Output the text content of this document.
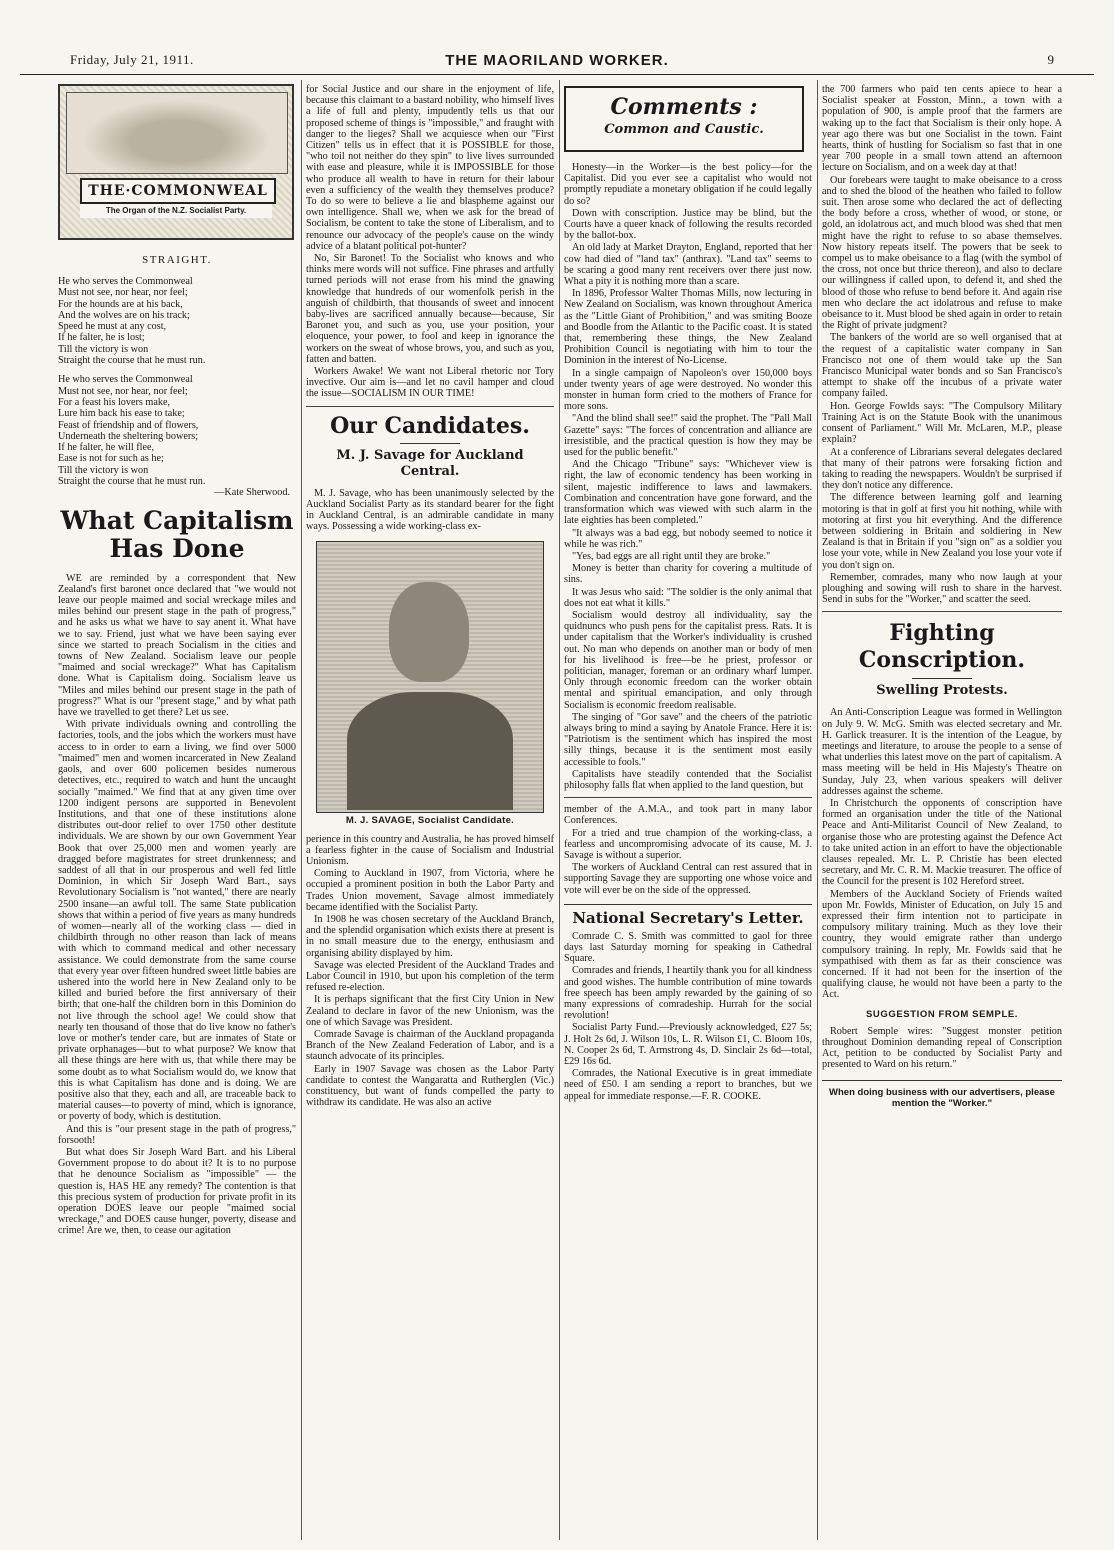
Friday, July 21, 1911.	THE MAORILAND WORKER.	9
THE·COMMONWEAL
The Organ of the N.Z. Socialist Party.
STRAIGHT.
He who serves the Commonweal
Must not see, nor hear, nor feel;
For the hounds are at his back,
And the wolves are on his track;
Speed he must at any cost,
If he falter, he is lost;
Till the victory is won
Straight the course that he must run.
He who serves the Commonweal
Must not see, nor hear, nor feel;
For a feast his lovers make,
Lure him back his ease to take;
Feast of friendship and of flowers,
Underneath the sheltering bowers;
If he falter, he will flee,
Ease is not for such as he;
Till the victory is won
Straight the course that he must run.
—Kate Sherwood.
What Capitalism Has Done

WE are reminded by a correspondent that New Zealand's first baronet once declared that "we would not leave our people maimed and social wreckage miles and miles behind our present stage in the path of progress," and he asks us what we have to say anent it. What have we to say. Friend, just what we have been saying ever since we started to preach Socialism in the cities and towns of New Zealand. Socialism leave our people "maimed and social wreckage?" What has Capitalism done. What is Capitalism doing. Socialism leave us "Miles and miles behind our present stage in the path of progress?" What is our "present stage," and by what path have we travelled to get there? Let us see.

With private individuals owning and controlling the factories, tools, and the jobs which the workers must have access to in order to earn a living, we find over 5000 "maimed" men and women incarcerated in New Zealand gaols, and over 600 policemen besides numerous detectives, etc., required to watch and hunt the uncaught socially "maimed." We find that at any given time over 1200 indigent persons are supported in Benevolent Institutions, and that one of these institutions alone distributes out-door relief to over 1750 other destitute individuals. We are shown by our own Government Year Book that over 25,000 men and women yearly are dragged before magistrates for street drunkenness; and saddest of all that in our prosperous and well fed little Dominion, in which Sir Joseph Ward Bart., says Revolutionary Socialism is "not wanted," there are nearly 2500 insane—an awful toll. The same State publication shows that within a period of five years as many hundreds of women—nearly all of the working class — died in childbirth through no other reason than lack of means with which to command medical and other necessary assistance. We could demonstrate from the same course that every year over fifteen hundred sweet little babies are ushered into the world here in New Zealand only to be killed and buried before the first anniversary of their birth; that one-half the children born in this Dominion do not live through the school age! We could show that nearly ten thousand of those that do live know no father's love or mother's tender care, but are inmates of State or private orphanages—but to what purpose? We know that all these things are here with us, that while there may be some doubt as to what Socialism would do, we know that this is what Capitalism has done and is doing. We are positive also that they, each and all, are traceable back to material causes—to poverty of mind, which is ignorance, or poverty of body, which is destitution.

And this is "our present stage in the path of progress," forsooth!

But what does Sir Joseph Ward Bart. and his Liberal Government propose to do about it? It is to no purpose that he denounce Socialism as "impossible" — the question is, HAS HE any remedy? The contention is that this precious system of production for private profit in its operation DOES leave our people "maimed social wreckage," and DOES cause hunger, poverty, disease and crime! Are we, then, to cease our agitation

for Social Justice and our share in the enjoyment of life, because this claimant to a bastard nobility, who himself lives a life of full and plenty, impudently tells us that our proposed scheme of things is "impossible," and fraught with danger to the lieges? Shall we acquiesce when our "First Citizen" tells us in effect that it is POSSIBLE for those, "who toil not neither do they spin" to live lives surrounded with ease and pleasure, while it is IMPOSSIBLE for those who produce all wealth to have in return for their labour even a sufficiency of the wealth they themselves produce? To do so were to believe a lie and blaspheme against our own intelligence. Shall we, when we ask for the bread of Socialism, be content to take the stone of Liberalism, and to renounce our advocacy of the people's cause on the windy advice of a blatant political pot-hunter?

No, Sir Baronet! To the Socialist who knows and who thinks mere words will not suffice. Fine phrases and artfully turned periods will not erase from his mind the gnawing knowledge that hundreds of our womenfolk perish in the anguish of childbirth, that thousands of sweet and innocent baby-lives are sacrificed annually because—because, Sir Baronet you, and such as you, use your position, your eloquence, your power, to fool and keep in ignorance the workers on the sweat of whose brows, you, and such as you, fatten and batten.

Workers Awake! We want not Liberal rhetoric nor Tory invective. Our aim is—and let no cavil hamper and cloud the issue—SOCIALISM IN OUR TIME!

Our Candidates.
M. J. Savage for Auckland Central.

M. J. Savage, who has been unanimously selected by the Auckland Socialist Party as its standard bearer for the fight in Auckland Central, is an admirable candidate in many ways. Possessing a wide working-class ex-

M. J. SAVAGE, Socialist Candidate.

perience in this country and Australia, he has proved himself a fearless fighter in the cause of Socialism and Industrial Unionism.

Coming to Auckland in 1907, from Victoria, where he occupied a prominent position in both the Labor Party and Trades Union movement, Savage almost immediately became identified with the Socialist Party.

In 1908 he was chosen secretary of the Auckland Branch, and the splendid organisation which exists there at present is in no small measure due to the energy, enthusiasm and organising ability displayed by him.

Savage was elected President of the Auckland Trades and Labor Council in 1910, but upon his completion of the term refused re-election.

It is perhaps significant that the first City Union in New Zealand to declare in favor of the new Unionism, was the one of which Savage was President.

Comrade Savage is chairman of the Auckland propaganda Branch of the New Zealand Federation of Labor, and is a staunch advocate of its principles.

Early in 1907 Savage was chosen as the Labor Party candidate to contest the Wangaratta and Rutherglen (Vic.) constituency, but want of funds compelled the party to withdraw its candidate. He was also an active

Comments :
Common and Caustic.

Honesty—in the Worker—is the best policy—for the Capitalist. Did you ever see a capitalist who would not promptly repudiate a monetary obligation if he could legally do so?

Down with conscription. Justice may be blind, but the Courts have a queer knack of following the results recorded by the ballot-box.

An old lady at Market Drayton, England, reported that her cow had died of "land tax" (anthrax). "Land tax" seems to be scaring a good many rent receivers over there just now. What a pity it is nothing more than a scare.

In 1896, Professor Walter Thomas Mills, now lecturing in New Zealand on Socialism, was known throughout America as the "Little Giant of Prohibition," and was smiting Booze and Boodle from the Atlantic to the Pacific coast. It is stated that, remembering these things, the New Zealand Prohibition Council is negotiating with him to tour the Dominion in the interest of No-License.

In a single campaign of Napoleon's over 150,000 boys under twenty years of age were destroyed. No wonder this monster in human form cried to the mothers of France for more sons.

"And the blind shall see!" said the prophet. The "Pall Mall Gazette" says: "The forces of concentration and alliance are irresistible, and the practical question is how they may be used for the public benefit."

And the Chicago "Tribune" says: "Whichever view is right, the law of economic tendency has been working in silent, majestic indifference to laws and lawmakers. Combination and concentration have gone forward, and the transformation which was viewed with such alarm in the late eighties has been completed."

"It always was a bad egg, but nobody seemed to notice it while he was rich."

"Yes, bad eggs are all right until they are broke."

Money is better than charity for covering a multitude of sins.

It was Jesus who said: "The soldier is the only animal that does not eat what it kills."

Socialism would destroy all individuality, say the quidnuncs who push pens for the capitalist press. Rats. It is under capitalism that the Worker's individuality is crushed out. No man who depends on another man or body of men for his livelihood is free—be he priest, professor or politician, manager, foreman or an ordinary wharf lumper. Only through economic freedom can the worker obtain mental and spiritual emancipation, and only through Socialism is economic freedom realisable.

The singing of "Gor save" and the cheers of the patriotic always bring to mind a saying by Anatole France. Here it is: "Patriotism is the sentiment which has inspired the most silly things, because it is the sentiment most easily accessible to fools."

Capitalists have steadily contended that the Socialist philosophy falls flat when applied to the land question, but

member of the A.M.A., and took part in many labor Conferences.

For a tried and true champion of the working-class, a fearless and uncompromising advocate of its cause, M. J. Savage is without a superior.

The workers of Auckland Central can rest assured that in supporting Savage they are supporting one whose voice and vote will ever be on the side of the oppressed.

National Secretary's Letter.

Comrade C. S. Smith was committed to gaol for three days last Saturday morning for speaking in Cathedral Square.

Comrades and friends, I heartily thank you for all kindness and good wishes. The humble contribution of mine towards free speech has been amply rewarded by the gaining of so many expressions of comradeship. Hurrah for the social revolution!

Socialist Party Fund.—Previously acknowledged, £27 5s; J. Holt 2s 6d, J. Wilson 10s, L. R. Wilson £1, C. Bloom 10s, N. Cooper 2s 6d, T. Armstrong 4s, D. Sinclair 2s 6d—total, £29 16s 6d.

Comrades, the National Executive is in great immediate need of £50. I am sending a report to branches, but we appeal for immediate response.—F. R. COOKE.

the 700 farmers who paid ten cents apiece to hear a Socialist speaker at Fosston, Minn., a town with a population of 900, is ample proof that the farmers are waking up to the fact that Socialism is their only hope. A year ago there was but one Socialist in the town. Faint hearts, think of hustling for Socialism so fast that in one year 700 people in a small town attend an afternoon lecture on Socialism, and on a week day at that!

Our forebears were taught to make obeisance to a cross and to shed the blood of the heathen who failed to follow suit. Then arose some who declared the act of deflecting the body before a cross, whether of wood, or stone, or gold, an idolatrous act, and much blood was shed that men might have the right to refuse to so abase themselves. Now history repeats itself. The powers that be seek to compel us to make obeisance to a flag (with the symbol of the cross, not once but thrice thereon), and also to declare our willingness if called upon, to defend it, and shed the blood of those who refuse to bend before it. And again rise men who declare the act idolatrous and refuse to make obeisance to it. Must blood be shed again in order to retain the Right of private judgment?

The bankers of the world are so well organised that at the request of a capitalistic water company in San Francisco not one of them would take up the San Francisco Municipal water bonds and so San Francisco's attempt to shake off the incubus of a private water company failed.

Hon. George Fowlds says: "The Compulsory Military Training Act is on the Statute Book with the unanimous consent of Parliament." Will Mr. McLaren, M.P., please explain?

At a conference of Librarians several delegates declared that many of their patrons were forsaking fiction and taking to reading the newspapers. Wouldn't be surprised if they don't notice any difference.

The difference between learning golf and learning motoring is that in golf at first you hit nothing, while with motoring at first you hit everything. And the difference between soldiering in Britain and soldiering in New Zealand is that in Britain if you "sign on" as a soldier you lose your vote, while in New Zealand you lose your vote if you don't sign on.

Remember, comrades, many who now laugh at your ploughing and sowing will rush to share in the harvest. Send in subs for the "Worker," and scatter the seed.

Fighting Conscription.
Swelling Protests.

An Anti-Conscription League was formed in Wellington on July 9. W. McG. Smith was elected secretary and Mr. H. Garlick treasurer. It is the intention of the League, by meetings and literature, to arouse the people to a sense of what underlies this latest move on the part of capitalism. A mass meeting will be held in His Majesty's Theatre on Sunday, July 23, when various speakers will deliver addresses against the scheme.

In Christchurch the opponents of conscription have formed an organisation under the title of the National Peace and Anti-Militarist Council of New Zealand, to organise those who are protesting against the Defence Act to take united action in an effort to have the objectionable clauses repealed. Mr. L. P. Christie has been elected secretary, and Mr. C. R. M. Mackie treasurer. The office of the Council for the present is 102 Hereford street.

Members of the Auckland Society of Friends waited upon Mr. Fowlds, Minister of Education, on July 15 and expressed their firm intention not to participate in compulsory military training. Much as they love their country, they would emigrate rather than undergo compulsory training. In reply, Mr. Fowlds said that he sympathised with them as far as their conscience was concerned. If it had not been for the insertion of the qualifying clause, he would not have been a party to the Act.

SUGGESTION FROM SEMPLE.

Robert Semple wires: "Suggest monster petition throughout Dominion demanding repeal of Conscription Act, petition to be conducted by Socialist Party and presented to Ward on his return."

When doing business with our advertisers, please mention the "Worker."
